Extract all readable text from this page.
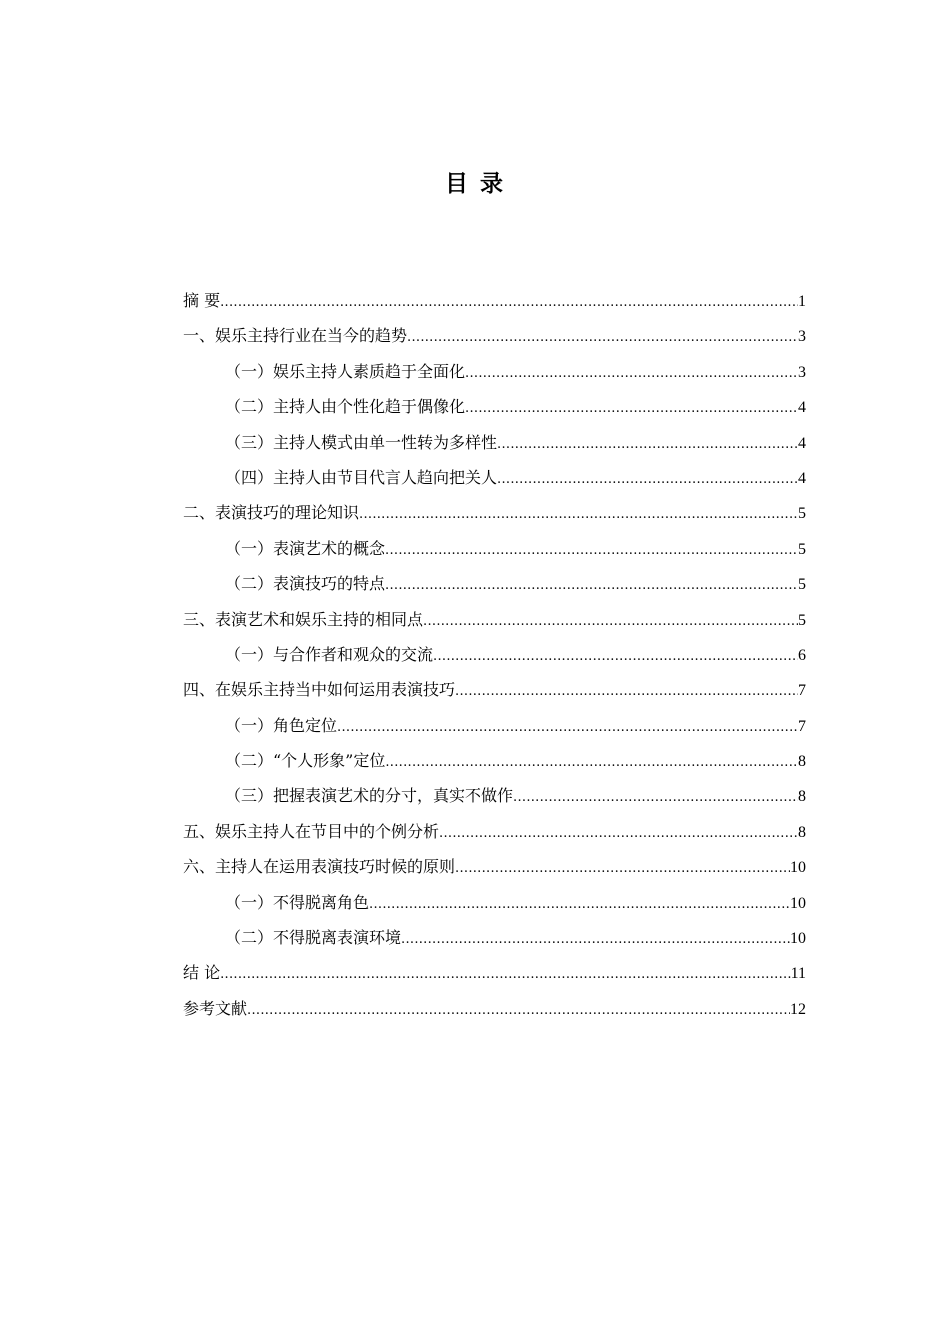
目 录
摘 要 .....	1
一、娱乐主持行业在当今的趋势 .....	3
（一）娱乐主持人素质趋于全面化 .....	3
（二）主持人由个性化趋于偶像化 .....	4
（三）主持人模式由单一性转为多样性 .....	4
（四）主持人由节目代言人趋向把关人 .....	4
二、表演技巧的理论知识 .....	5
（一）表演艺术的概念 .....	5
（二）表演技巧的特点 .....	5
三、表演艺术和娱乐主持的相同点 .....	5
（一）与合作者和观众的交流 .....	6
四、在娱乐主持当中如何运用表演技巧 .....	7
（一）角色定位 .....	7
（二）“个人形象”定位 .....	8
（三）把握表演艺术的分寸，真实不做作 .....	8
五、娱乐主持人在节目中的个例分析 .....	8
六、主持人在运用表演技巧时候的原则 .....	10
（一）不得脱离角色 .....	10
（二）不得脱离表演环境 .....	10
结 论 .....	11
参考文献 .....	12
